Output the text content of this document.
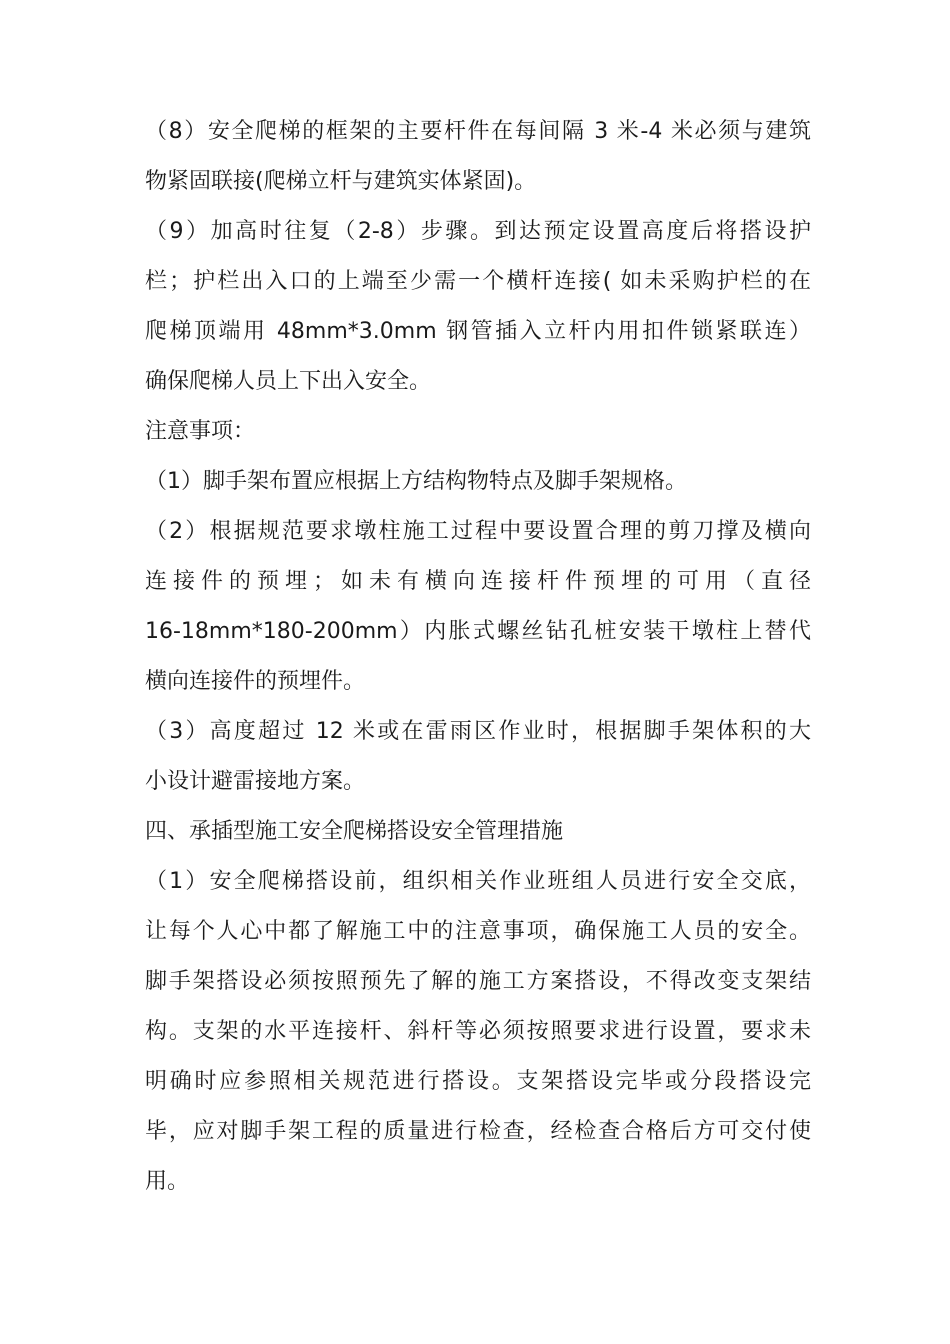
（8）安全爬梯的框架的主要杆件在每间隔 3 米-4 米必须与建筑
物紧固联接(爬梯立杆与建筑实体紧固)。
（9）加高时往复（2-8）步骤。到达预定设置高度后将搭设护
栏；护栏出入口的上端至少需一个横杆连接( 如未采购护栏的在
爬梯顶端用 48mm*3.0mm 钢管插入立杆内用扣件锁紧联连）
确保爬梯人员上下出入安全。
注意事项：
（1）脚手架布置应根据上方结构物特点及脚手架规格。
（2）根据规范要求墩柱施工过程中要设置合理的剪刀撑及横向
连接件的预埋；如未有横向连接杆件预埋的可用（直径
16-18mm*180-200mm）内胀式螺丝钻孔桩安装干墩柱上替代
横向连接件的预埋件。
（3）高度超过 12 米或在雷雨区作业时，根据脚手架体积的大
小设计避雷接地方案。
四、承插型施工安全爬梯搭设安全管理措施
（1）安全爬梯搭设前，组织相关作业班组人员进行安全交底，
让每个人心中都了解施工中的注意事项，确保施工人员的安全。
脚手架搭设必须按照预先了解的施工方案搭设，不得改变支架结
构。支架的水平连接杆、斜杆等必须按照要求进行设置，要求未
明确时应参照相关规范进行搭设。支架搭设完毕或分段搭设完
毕，应对脚手架工程的质量进行检查，经检查合格后方可交付使
用。
